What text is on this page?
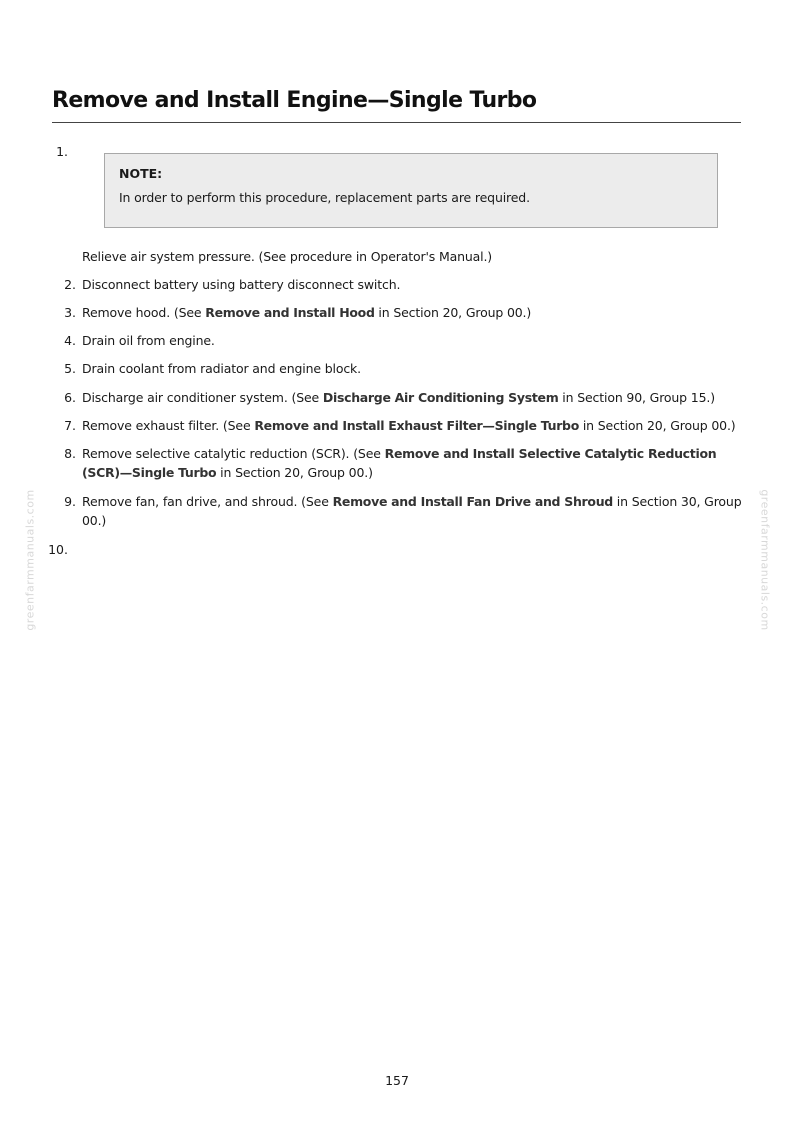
Remove and Install Engine—Single Turbo
1.
NOTE:
In order to perform this procedure, replacement parts are required.
Relieve air system pressure. (See procedure in Operator's Manual.)
2. Disconnect battery using battery disconnect switch.
3. Remove hood. (See Remove and Install Hood in Section 20, Group 00.)
4. Drain oil from engine.
5. Drain coolant from radiator and engine block.
6. Discharge air conditioner system. (See Discharge Air Conditioning System in Section 90, Group 15.)
7. Remove exhaust filter. (See Remove and Install Exhaust Filter—Single Turbo in Section 20, Group 00.)
8. Remove selective catalytic reduction (SCR). (See Remove and Install Selective Catalytic Reduction (SCR)—Single Turbo in Section 20, Group 00.)
9. Remove fan, fan drive, and shroud. (See Remove and Install Fan Drive and Shroud in Section 30, Group 00.)
10.
greenfarmmanuals.com	greenfarmmanuals.com
157
